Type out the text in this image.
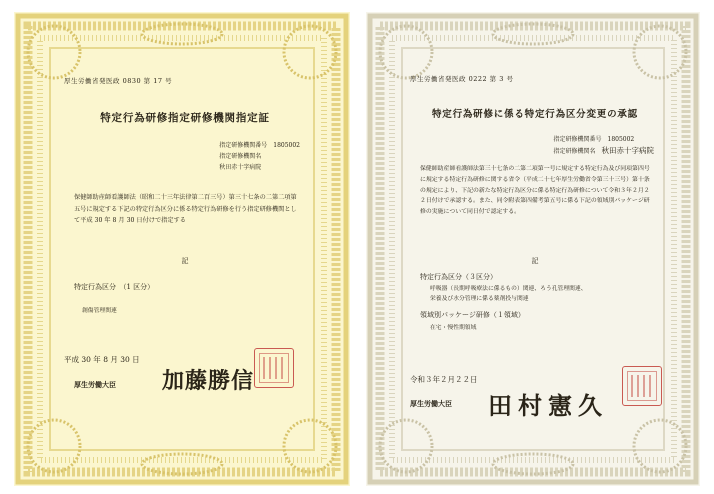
厚生労働省発医政 0830 第 17 号
特定行為研修指定研修機関指定証
指定研修機関番号　 1805002
指定研修機関名
秋田赤十字病院
保健師助産師看護師法（昭和二十三年法律第二百三号）第三十七条の二第二項第五号に規定する下記の特定行為区分に係る特定行為研修を行う指定研修機関として平成 30 年 8 月 30 日付けで指定する
記
特定行為区分　（1 区分）
創傷管理関連
平成 30 年 8 月 30 日
厚生労働大臣 加藤勝信
厚生労働省発医政 0222 第 3 号
特定行為研修に係る特定行為区分変更の承認
指定研修機関番号　 1805002
指定研修機関名　 秋田赤十字病院
保健師助産師看護師法第三十七条の二第二項第一号に規定する特定行為及び同項第四号に規定する特定行為研修に関する省令（平成二十七年厚生労働省令第三十三号）第十条の規定により、下記の新たな特定行為区分に係る特定行為研修について令和３年２月２２日付けで承認する。また、同令附表第四備考第五号に係る下記の領域別パッケージ研修の実施について同日付で認定する。
記
特定行為区分（３区分）
呼吸器（長期呼吸療法に係るもの）関連、ろう孔管理関連、
栄養及び水分管理に係る薬剤投与関連
領域別パッケージ研修（１領域）
在宅・慢性期領域
令和３年２月２２日
厚生労働大臣 田村憲久
